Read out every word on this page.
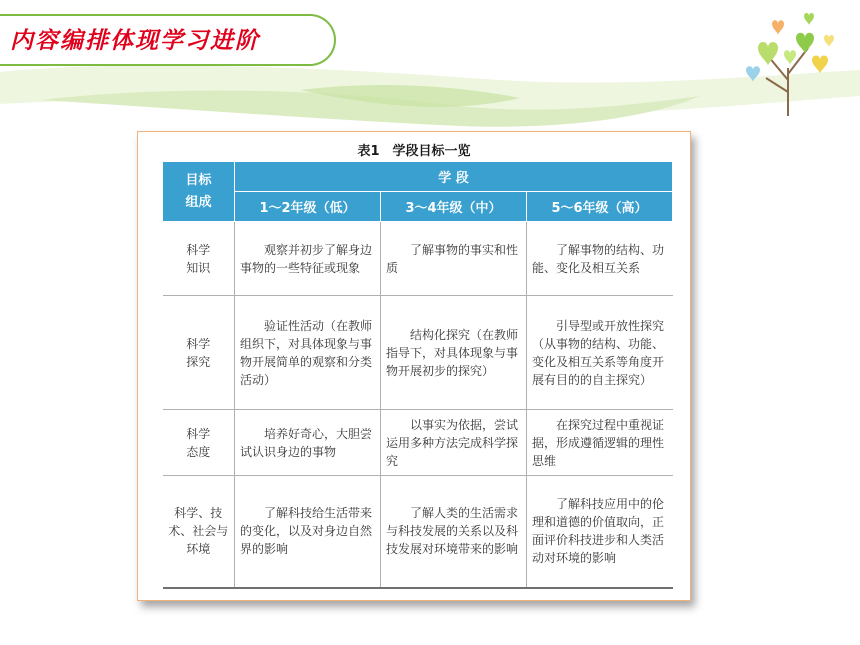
内容编排体现学习进阶

表1　学段目标一览

目标组成	学 段		
	1～2年级（低）	3～4年级（中）	5～6年级（高）

科学知识	观察并初步了解身边事物的一些特征或现象	了解事物的事实和性质	了解事物的结构、功能、变化及相互关系

科学探究	验证性活动（在教师组织下，对具体现象与事物开展简单的观察和分类活动）	结构化探究（在教师指导下，对具体现象与事物开展初步的探究）	引导型或开放性探究（从事物的结构、功能、变化及相互关系等角度开展有目的的自主探究）

科学态度	培养好奇心，大胆尝试认识身边的事物	以事实为依据，尝试运用多种方法完成科学探究	在探究过程中重视证据，形成遵循逻辑的理性思维

科学、技术、社会与环境	了解科技给生活带来的变化，以及对身边自然界的影响	了解人类的生活需求与科技发展的关系以及科技发展对环境带来的影响	了解科技应用中的伦理和道德的价值取向，正面评价科技进步和人类活动对环境的影响
